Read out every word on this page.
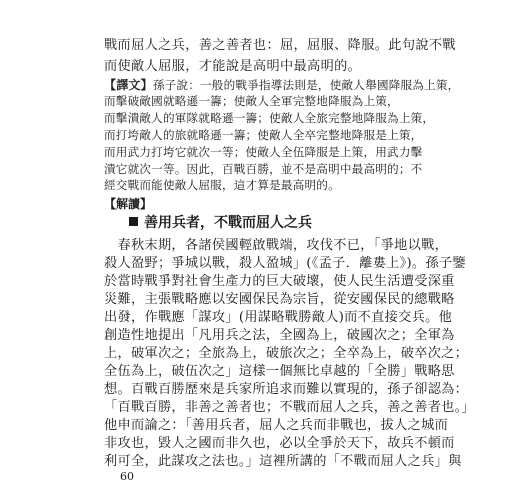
戰而屈人之兵，善之善者也：屈，屈服、降服。此句說不戰
而使敵人屈服，才能說是高明中最高明的。
【譯文】孫子說：一般的戰爭指導法則是，使敵人舉國降服為上策，
而擊破敵國就略遜一籌；使敵人全軍完整地降服為上策，
而擊潰敵人的軍隊就略遜一籌；使敵人全旅完整地降服為上策，
而打垮敵人的旅就略遜一籌；使敵人全卒完整地降服是上策，
而用武力打垮它就次一等；使敵人全伍降服是上策，用武力擊
潰它就次一等。因此，百戰百勝，並不是高明中最高明的；不
經交戰而能使敵人屈服，這才算是最高明的。
【解讀】
善用兵者，不戰而屈人之兵
　春秋末期，各諸侯國輕啟戰端，攻伐不已，「爭地以戰，
殺人盈野；爭城以戰，殺人盈城」(《孟子．離婁上》)。孫子鑒
於當時戰爭對社會生產力的巨大破壞，使人民生活遭受深重
災難，主張戰略應以安國保民為宗旨，從安國保民的總戰略
出發，作戰應「謀攻」(用謀略戰勝敵人)而不直接交兵。他
創造性地提出「凡用兵之法，全國為上，破國次之；全軍為
上，破軍次之；全旅為上，破旅次之；全卒為上，破卒次之；
全伍為上，破伍次之」這樣一個無比卓越的「全勝」戰略思
想。百戰百勝歷來是兵家所追求而難以實現的，孫子卻認為：
「百戰百勝，非善之善者也；不戰而屈人之兵，善之善者也。」
他申而論之：「善用兵者，屈人之兵而非戰也，拔人之城而
非攻也，毀人之國而非久也，必以全爭於天下，故兵不頓而
利可全，此謀攻之法也。」這裡所講的「不戰而屈人之兵」與
60
